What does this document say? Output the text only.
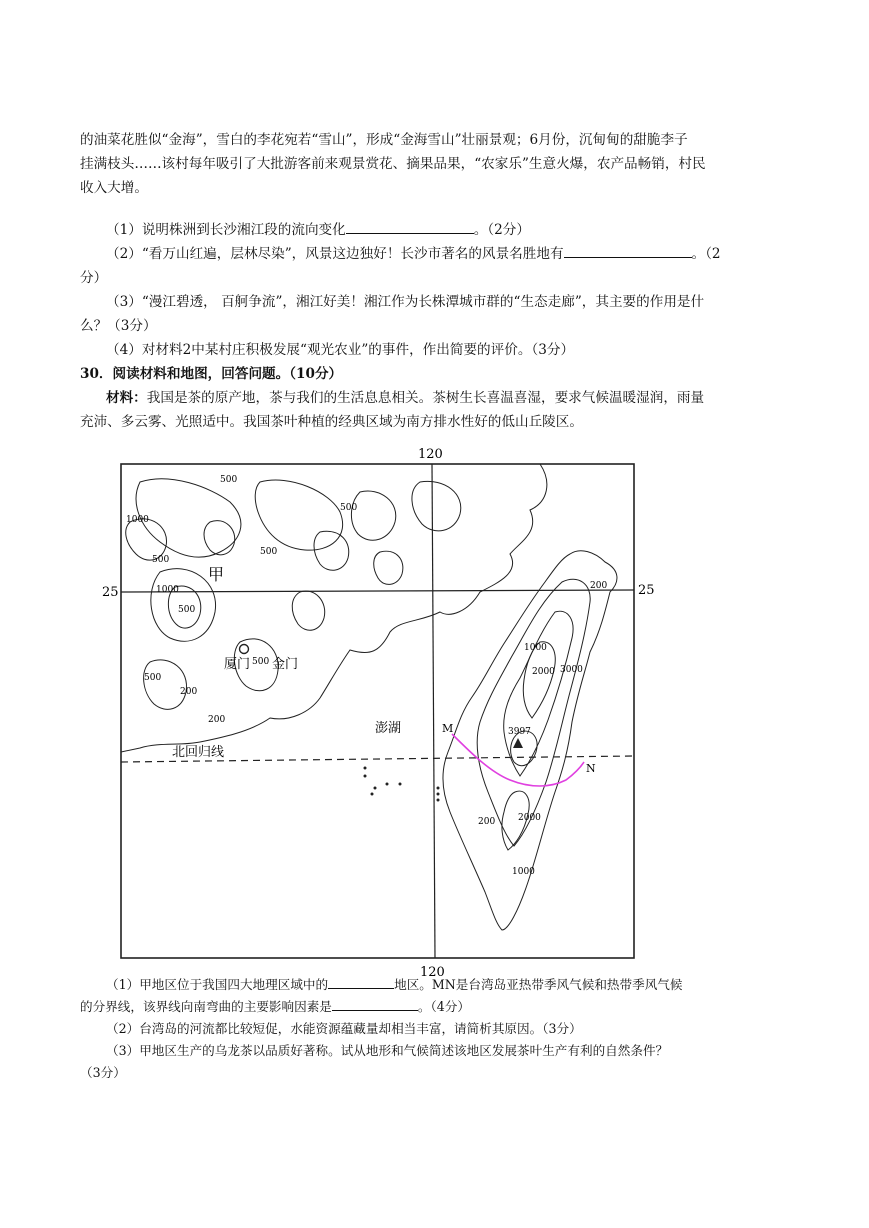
的油菜花胜似“金海”，雪白的李花宛若“雪山”，形成“金海雪山”壮丽景观；6月份，沉甸甸的甜脆李子
挂满枝头……该村每年吸引了大批游客前来观景赏花、摘果品果，“农家乐”生意火爆，农产品畅销，村民
收入大增。
（1）说明株洲到长沙湘江段的流向变化	。（2分）
（2）“看万山红遍，层林尽染”，风景这边独好！长沙市著名的风景名胜地有	。（2
分）
（3）“漫江碧透， 百舸争流”，湘江好美！湘江作为长株潭城市群的“生态走廊”，其主要的作用是什
么？（3分）
（4）对材料2中某村庄积极发展“观光农业”的事件，作出简要的评价。（3分）
30．阅读材料和地图，回答问题。（10分）
材料：我国是茶的原产地，茶与我们的生活息息相关。茶树生长喜温喜湿，要求气候温暖湿润，雨量
充沛、多云雾、光照适中。我国茶叶种植的经典区域为南方排水性好的低山丘陵区。
120
120
25	25
甲
厦门 金门
澎湖
北回归线
M
N
3997
500
500
500
500
500
500
500
1000
1000
200
200
200
1000
2000 3000
200	2000
1000
（1）甲地区位于我国四大地理区域中的	地区。MN是台湾岛亚热带季风气候和热带季风气候
的分界线，该界线向南弯曲的主要影响因素是	。（4分）
（2）台湾岛的河流都比较短促，水能资源蕴藏量却相当丰富，请简析其原因。（3分）
（3）甲地区生产的乌龙茶以品质好著称。试从地形和气候简述该地区发展茶叶生产有利的自然条件？
（3分）
